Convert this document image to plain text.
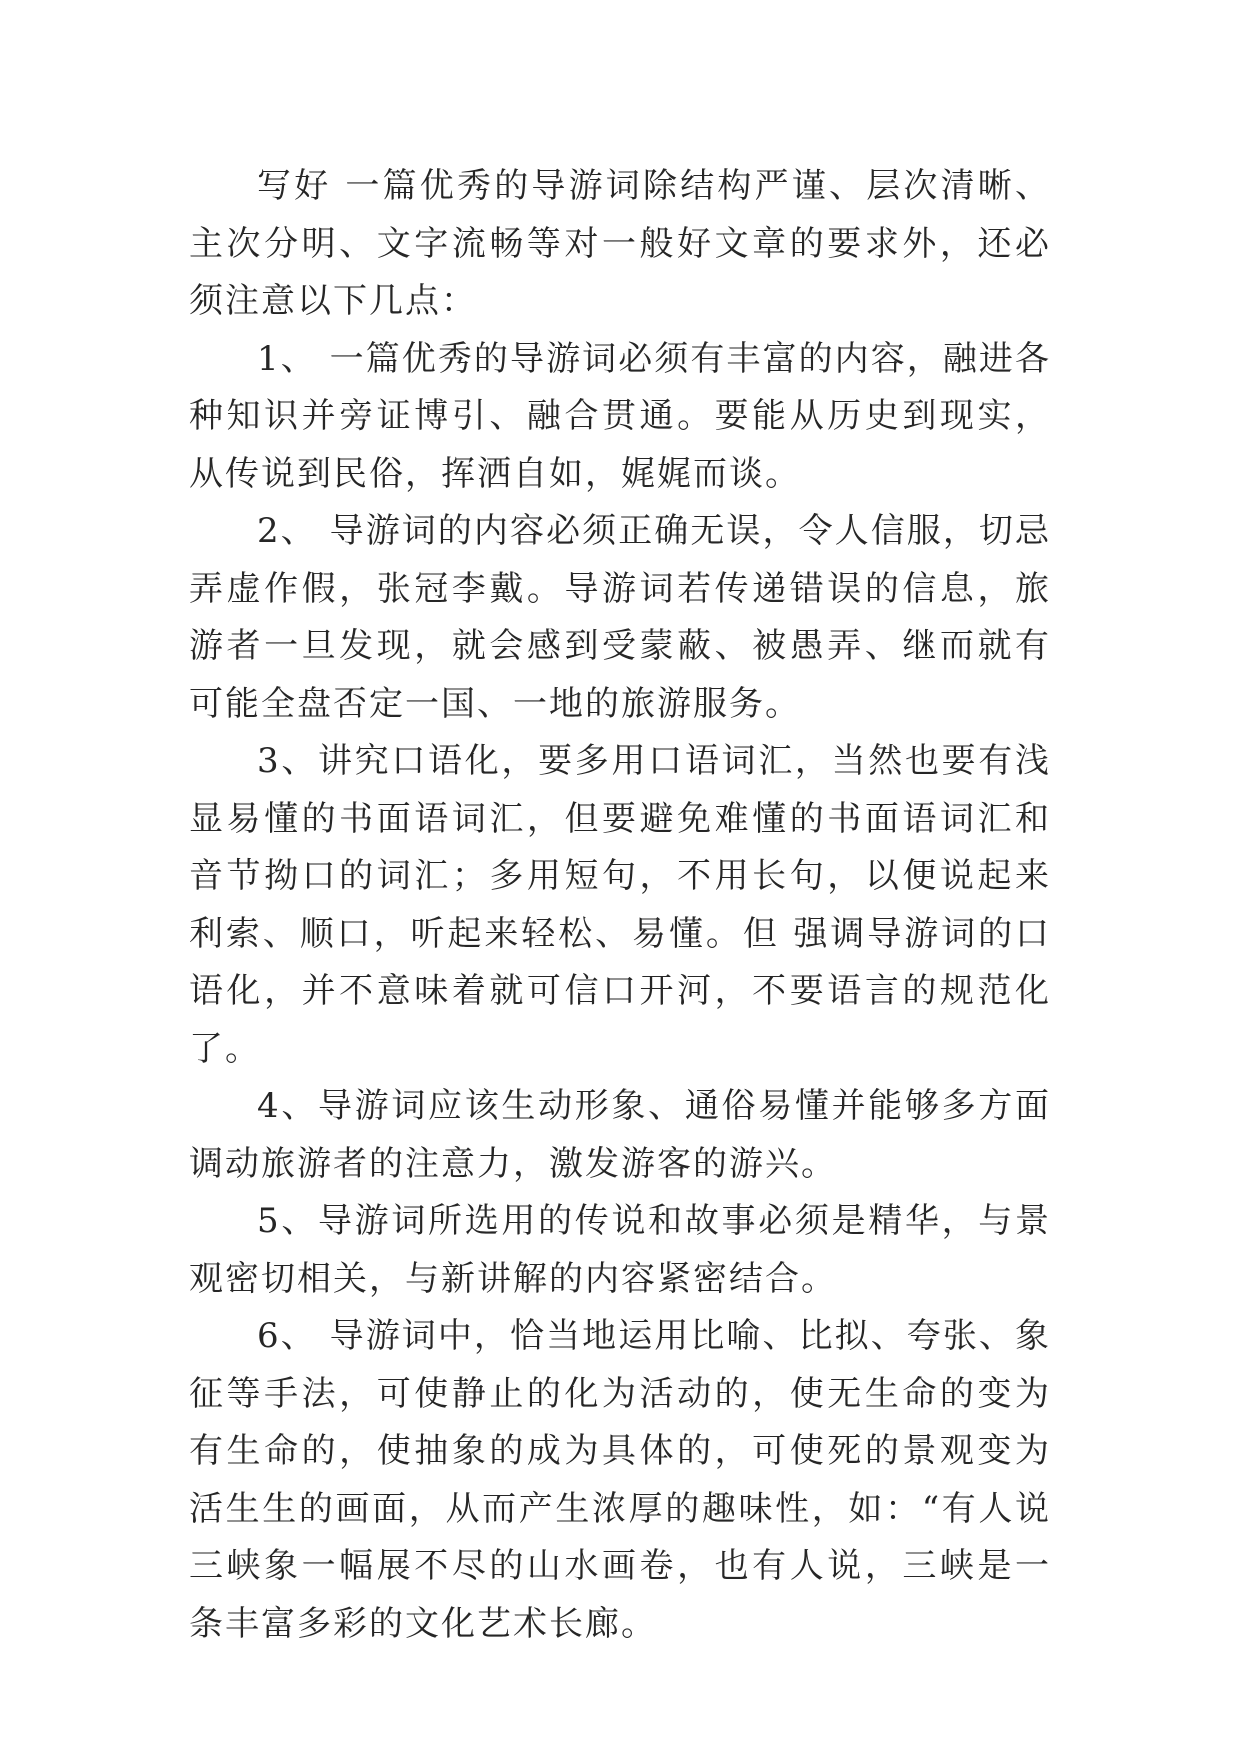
写好 一篇优秀的导游词除结构严谨、层次清晰、主次分明、文字流畅等对一般好文章的要求外，还必须注意以下几点：

1、 一篇优秀的导游词必须有丰富的内容，融进各种知识并旁证博引、融合贯通。要能从历史到现实，从传说到民俗，挥洒自如，娓娓而谈。

2、 导游词的内容必须正确无误，令人信服，切忌弄虚作假，张冠李戴。导游词若传递错误的信息，旅游者一旦发现，就会感到受蒙蔽、被愚弄、继而就有可能全盘否定一国、一地的旅游服务。

3、讲究口语化，要多用口语词汇，当然也要有浅显易懂的书面语词汇，但要避免难懂的书面语词汇和音节拗口的词汇；多用短句，不用长句，以便说起来利索、顺口，听起来轻松、易懂。但 强调导游词的口语化，并不意味着就可信口开河，不要语言的规范化了。

4、导游词应该生动形象、通俗易懂并能够多方面调动旅游者的注意力，激发游客的游兴。

5、导游词所选用的传说和故事必须是精华，与景观密切相关，与新讲解的内容紧密结合。

6、 导游词中，恰当地运用比喻、比拟、夸张、象征等手法，可使静止的化为活动的，使无生命的变为有生命的，使抽象的成为具体的，可使死的景观变为活生生的画面，从而产生浓厚的趣味性，如：“有人说三峡象一幅展不尽的山水画卷，也有人说，三峡是一条丰富多彩的文化艺术长廊。
